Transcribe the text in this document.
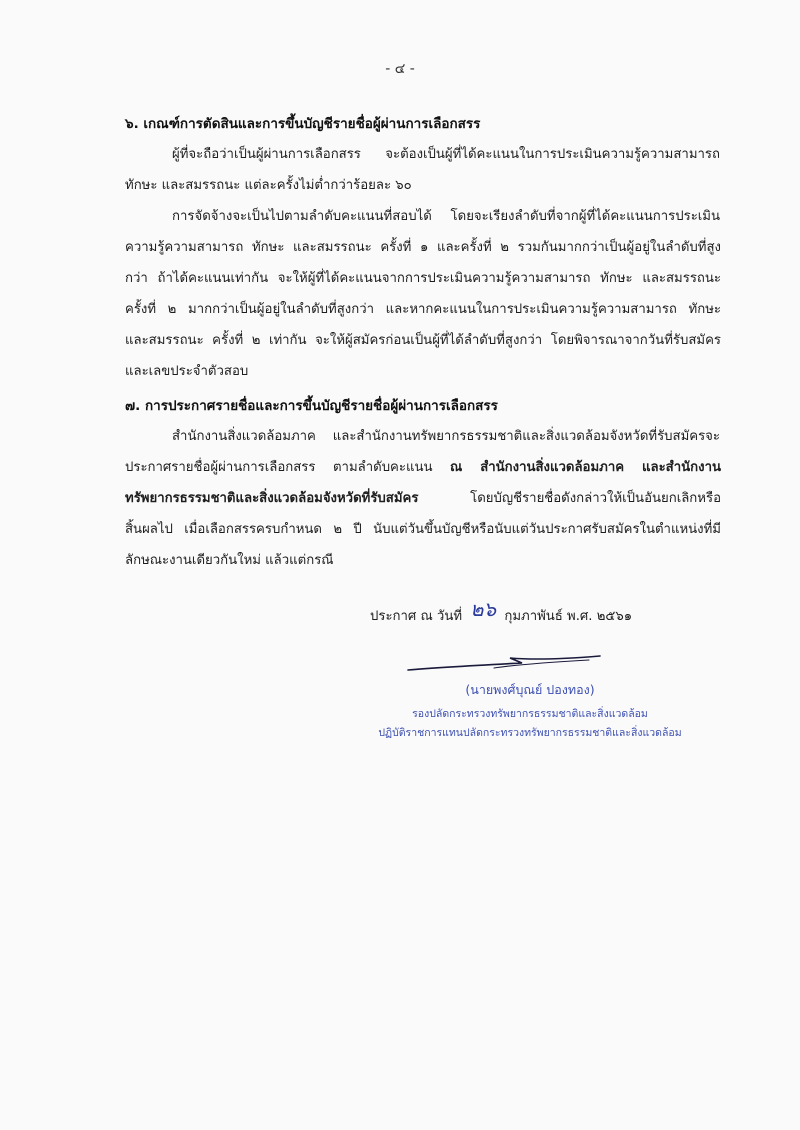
- ๔ -
๖. เกณฑ์การตัดสินและการขึ้นบัญชีรายชื่อผู้ผ่านการเลือกสรร
ผู้ที่จะถือว่าเป็นผู้ผ่านการเลือกสรร จะต้องเป็นผู้ที่ได้คะแนนในการประเมินความรู้ความสามารถ
ทักษะ และสมรรถนะ แต่ละครั้งไม่ต่ำกว่าร้อยละ ๖๐
การจัดจ้างจะเป็นไปตามลำดับคะแนนที่สอบได้ โดยจะเรียงลำดับที่จากผู้ที่ได้คะแนนการประเมิน
ความรู้ความสามารถ ทักษะ และสมรรถนะ ครั้งที่ ๑ และครั้งที่ ๒ รวมกันมากกว่าเป็นผู้อยู่ในลำดับที่สูง
กว่า ถ้าได้คะแนนเท่ากัน จะให้ผู้ที่ได้คะแนนจากการประเมินความรู้ความสามารถ ทักษะ และสมรรถนะ
ครั้งที่ ๒ มากกว่าเป็นผู้อยู่ในลำดับที่สูงกว่า และหากคะแนนในการประเมินความรู้ความสามารถ ทักษะ
และสมรรถนะ ครั้งที่ ๒ เท่ากัน จะให้ผู้สมัครก่อนเป็นผู้ที่ได้ลำดับที่สูงกว่า โดยพิจารณาจากวันที่รับสมัคร
และเลขประจำตัวสอบ
๗. การประกาศรายชื่อและการขึ้นบัญชีรายชื่อผู้ผ่านการเลือกสรร
สำนักงานสิ่งแวดล้อมภาค และสำนักงานทรัพยากรธรรมชาติและสิ่งแวดล้อมจังหวัดที่รับสมัครจะ
ประกาศรายชื่อผู้ผ่านการเลือกสรร ตามลำดับคะแนน ณ สำนักงานสิ่งแวดล้อมภาค และสำนักงาน
ทรัพยากรธรรมชาติและสิ่งแวดล้อมจังหวัดที่รับสมัคร โดยบัญชีรายชื่อดังกล่าวให้เป็นอันยกเลิกหรือ
สิ้นผลไป เมื่อเลือกสรรครบกำหนด ๒ ปี นับแต่วันขึ้นบัญชีหรือนับแต่วันประกาศรับสมัครในตำแหน่งที่มี
ลักษณะงานเดียวกันใหม่ แล้วแต่กรณี
ประกาศ ณ วันที่ ๒๖ กุมภาพันธ์ พ.ศ. ๒๕๖๑
(นายพงศ์บุณย์ ปองทอง)
รองปลัดกระทรวงทรัพยากรธรรมชาติและสิ่งแวดล้อม
ปฏิบัติราชการแทนปลัดกระทรวงทรัพยากรธรรมชาติและสิ่งแวดล้อม
